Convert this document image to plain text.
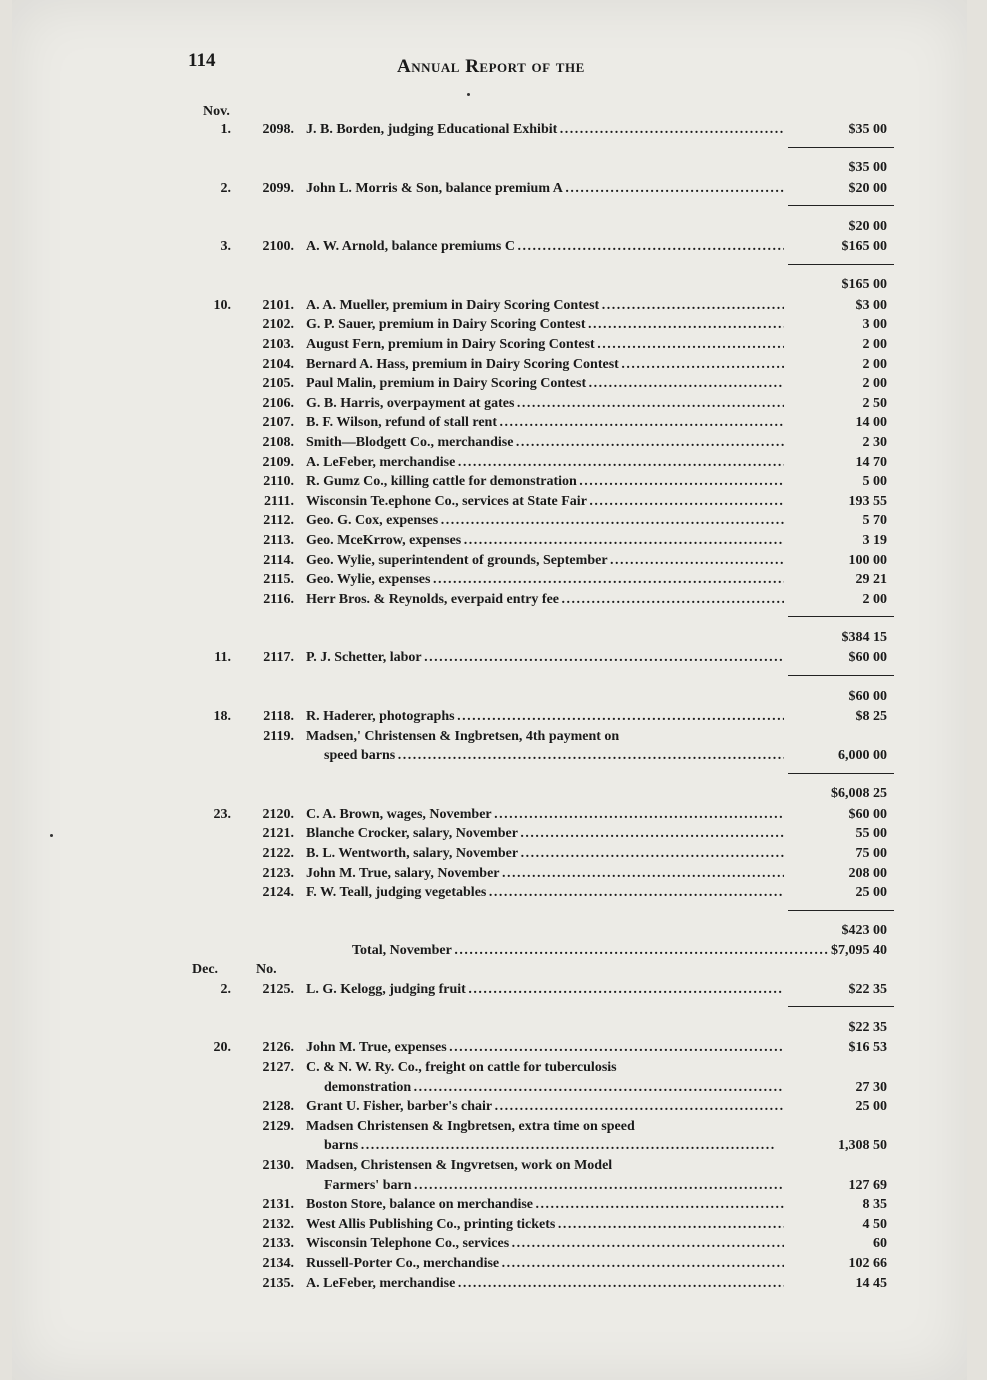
114	Annual Report of the
Nov.
1.	2098. J. B. Borden, judging Educational Exhibit . . .	$35 00
$35 00
2.	2099. John L. Morris & Son, balance premium A . . .	$20 00
$20 00
3.	2100. A. W. Arnold, balance premiums C . . .	$165 00
$165 00
10.	2101. A. A. Mueller, premium in Dairy Scoring Contest . . .	$3 00
2102. G. P. Sauer, premium in Dairy Scoring Contest . . .	3 00
2103. August Fern, premium in Dairy Scoring Contest . . .	2 00
2104. Bernard A. Hass, premium in Dairy Scoring Contest . . .	2 00
2105. Paul Malin, premium in Dairy Scoring Contest . . .	2 00
2106. G. B. Harris, overpayment at gates . . .	2 50
2107. B. F. Wilson, refund of stall rent . . .	14 00
2108. Smith—Blodgett Co., merchandise . . .	2 30
2109. A. LeFeber, merchandise . . .	14 70
2110. R. Gumz Co., killing cattle for demonstration . . .	5 00
2111. Wisconsin Te.ephone Co., services at State Fair . . .	193 55
2112. Geo. G. Cox, expenses . . .	5 70
2113. Geo. McеKrrow, expenses . . .	3 19
2114. Geo. Wylie, superintendent of grounds, September . . .	100 00
2115. Geo. Wylie, expenses . . .	29 21
2116. Herr Bros. & Reynolds, everpaid entry fee . . .	2 00
$384 15
11.	2117. P. J. Schetter, labor . . .	$60 00
$60 00
18.	2118. R. Haderer, photographs . . .	$8 25
2119. Madsen,' Christensen & Ingbretsen, 4th payment on
speed barns . . .	6,000 00
$6,008 25
23.	2120. C. A. Brown, wages, November . . .	$60 00
2121. Blanche Crocker, salary, November . . .	55 00
2122. B. L. Wentworth, salary, November . . .	75 00
2123. John M. True, salary, November . . .	208 00
2124. F. W. Teall, judging vegetables . . .	25 00
$423 00
Total, November . . .	$7,095 40
Dec.	No.
2.	2125. L. G. Kelogg, judging fruit . . .	$22 35
$22 35
20.	2126. John M. True, expenses . . .	$16 53
2127. C. & N. W. Ry. Co., freight on cattle for tuberculosis
demonstration . . .	27 30
2128. Grant U. Fisher, barber's chair . . .	25 00
2129. Madsen Christensen & Ingbretsen, extra time on speed
barns . . .	1,308 50
2130. Madsen, Christensen & Ingvretsen, work on Model
Farmers' barn . . .	127 69
2131. Boston Store, balance on merchandise . . .	8 35
2132. West Allis Publishing Co., printing tickets . . .	4 50
2133. Wisconsin Telephone Co., services . . .	60
2134. Russell-Porter Co., merchandise . . .	102 66
2135. A. LeFeber, merchandise . . .	14 45
